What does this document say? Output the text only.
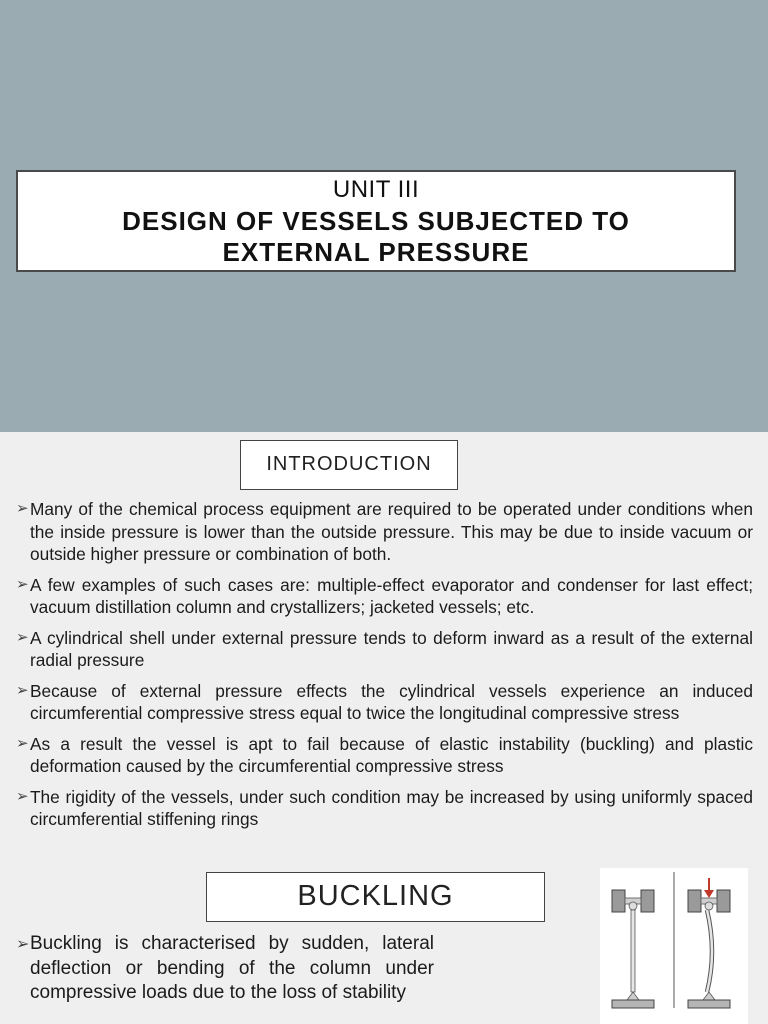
UNIT III
DESIGN OF VESSELS SUBJECTED TO
EXTERNAL PRESSURE
INTRODUCTION
➢ Many of the chemical process equipment are required to be operated under conditions when the inside pressure is lower than the outside pressure. This may be due to inside vacuum or outside higher pressure or combination of both.
➢ A few examples of such cases are: multiple-effect evaporator and condenser for last effect; vacuum distillation column and crystallizers; jacketed vessels; etc.
➢ A cylindrical shell under external pressure tends to deform inward as a result of the external radial pressure
➢ Because of external pressure effects the cylindrical vessels experience an induced circumferential compressive stress equal to twice the longitudinal compressive stress
➢ As a result the vessel is apt to fail because of elastic instability (buckling) and plastic deformation caused by the circumferential compressive stress
➢ The rigidity of the vessels, under such condition may be increased by using uniformly spaced circumferential stiffening rings
BUCKLING
➢ Buckling is characterised by sudden, lateral deflection or bending of the column under compressive loads due to the loss of stability
